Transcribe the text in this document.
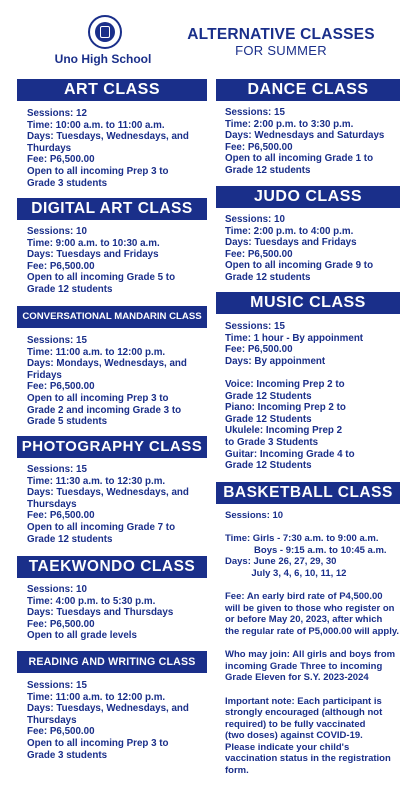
Uno High School
ALTERNATIVE CLASSES
FOR SUMMER
ART CLASS
Sessions: 12
Time: 10:00 a.m. to 11:00 a.m.
Days: Tuesdays, Wednesdays, and
Thurdays
Fee: P6,500.00
Open to all incoming Prep 3 to
Grade 3 students
DIGITAL ART CLASS
Sessions: 10
Time: 9:00 a.m. to 10:30 a.m.
Days: Tuesdays and Fridays
Fee: P6,500.00
Open to all incoming Grade 5 to
Grade 12 students
CONVERSATIONAL MANDARIN CLASS
Sessions: 15
Time: 11:00 a.m. to 12:00 p.m.
Days: Mondays, Wednesdays, and
Fridays
Fee: P6,500.00
Open to all incoming Prep 3 to
Grade 2 and incoming Grade 3 to
Grade 5 students
PHOTOGRAPHY CLASS
Sessions: 15
Time: 11:30 a.m. to 12:30 p.m.
Days: Tuesdays, Wednesdays, and
Thursdays
Fee: P6,500.00
Open to all incoming Grade 7 to
Grade 12 students
TAEKWONDO CLASS
Sessions: 10
Time: 4:00 p.m. to 5:30 p.m.
Days: Tuesdays and Thursdays
Fee: P6,500.00
Open to all grade levels
READING AND WRITING CLASS
Sessions: 15
Time: 11:00 a.m. to 12:00 p.m.
Days: Tuesdays, Wednesdays, and
Thursdays
Fee: P6,500.00
Open to all incoming Prep 3 to
Grade 3 students
DANCE CLASS
Sessions: 15
Time: 2:00 p.m. to 3:30 p.m.
Days: Wednesdays and Saturdays
Fee: P6,500.00
Open to all incoming Grade 1 to
Grade 12 students
JUDO CLASS
Sessions: 10
Time: 2:00 p.m. to 4:00 p.m.
Days: Tuesdays and Fridays
Fee: P6,500.00
Open to all incoming Grade 9 to
Grade 12 students
MUSIC CLASS
Sessions: 15
Time: 1 hour - By appoinment
Fee: P6,500.00
Days: By appoinment
Voice: Incoming Prep 2 to
Grade 12 Students
Piano: Incoming Prep 2 to
Grade 12 Students
Ukulele: Incoming Prep 2
to Grade 3 Students
Guitar: Incoming Grade 4 to
Grade 12 Students
BASKETBALL CLASS
Sessions: 10
Time: Girls - 7:30 a.m. to 9:00 a.m.
Boys - 9:15 a.m. to 10:45 a.m.
Days: June 26, 27, 29, 30
July 3, 4, 6, 10, 11, 12
Fee: An early bird rate of P4,500.00
will be given to those who register on
or before May 20, 2023, after which
the regular rate of P5,000.00 will apply.
Who may join: All girls and boys from
incoming Grade Three to incoming
Grade Eleven for S.Y. 2023-2024
Important note: Each participant is
strongly encouraged (although not
required) to be fully vaccinated
(two doses) against COVID-19.
Please indicate your child's
vaccination status in the registration
form.
